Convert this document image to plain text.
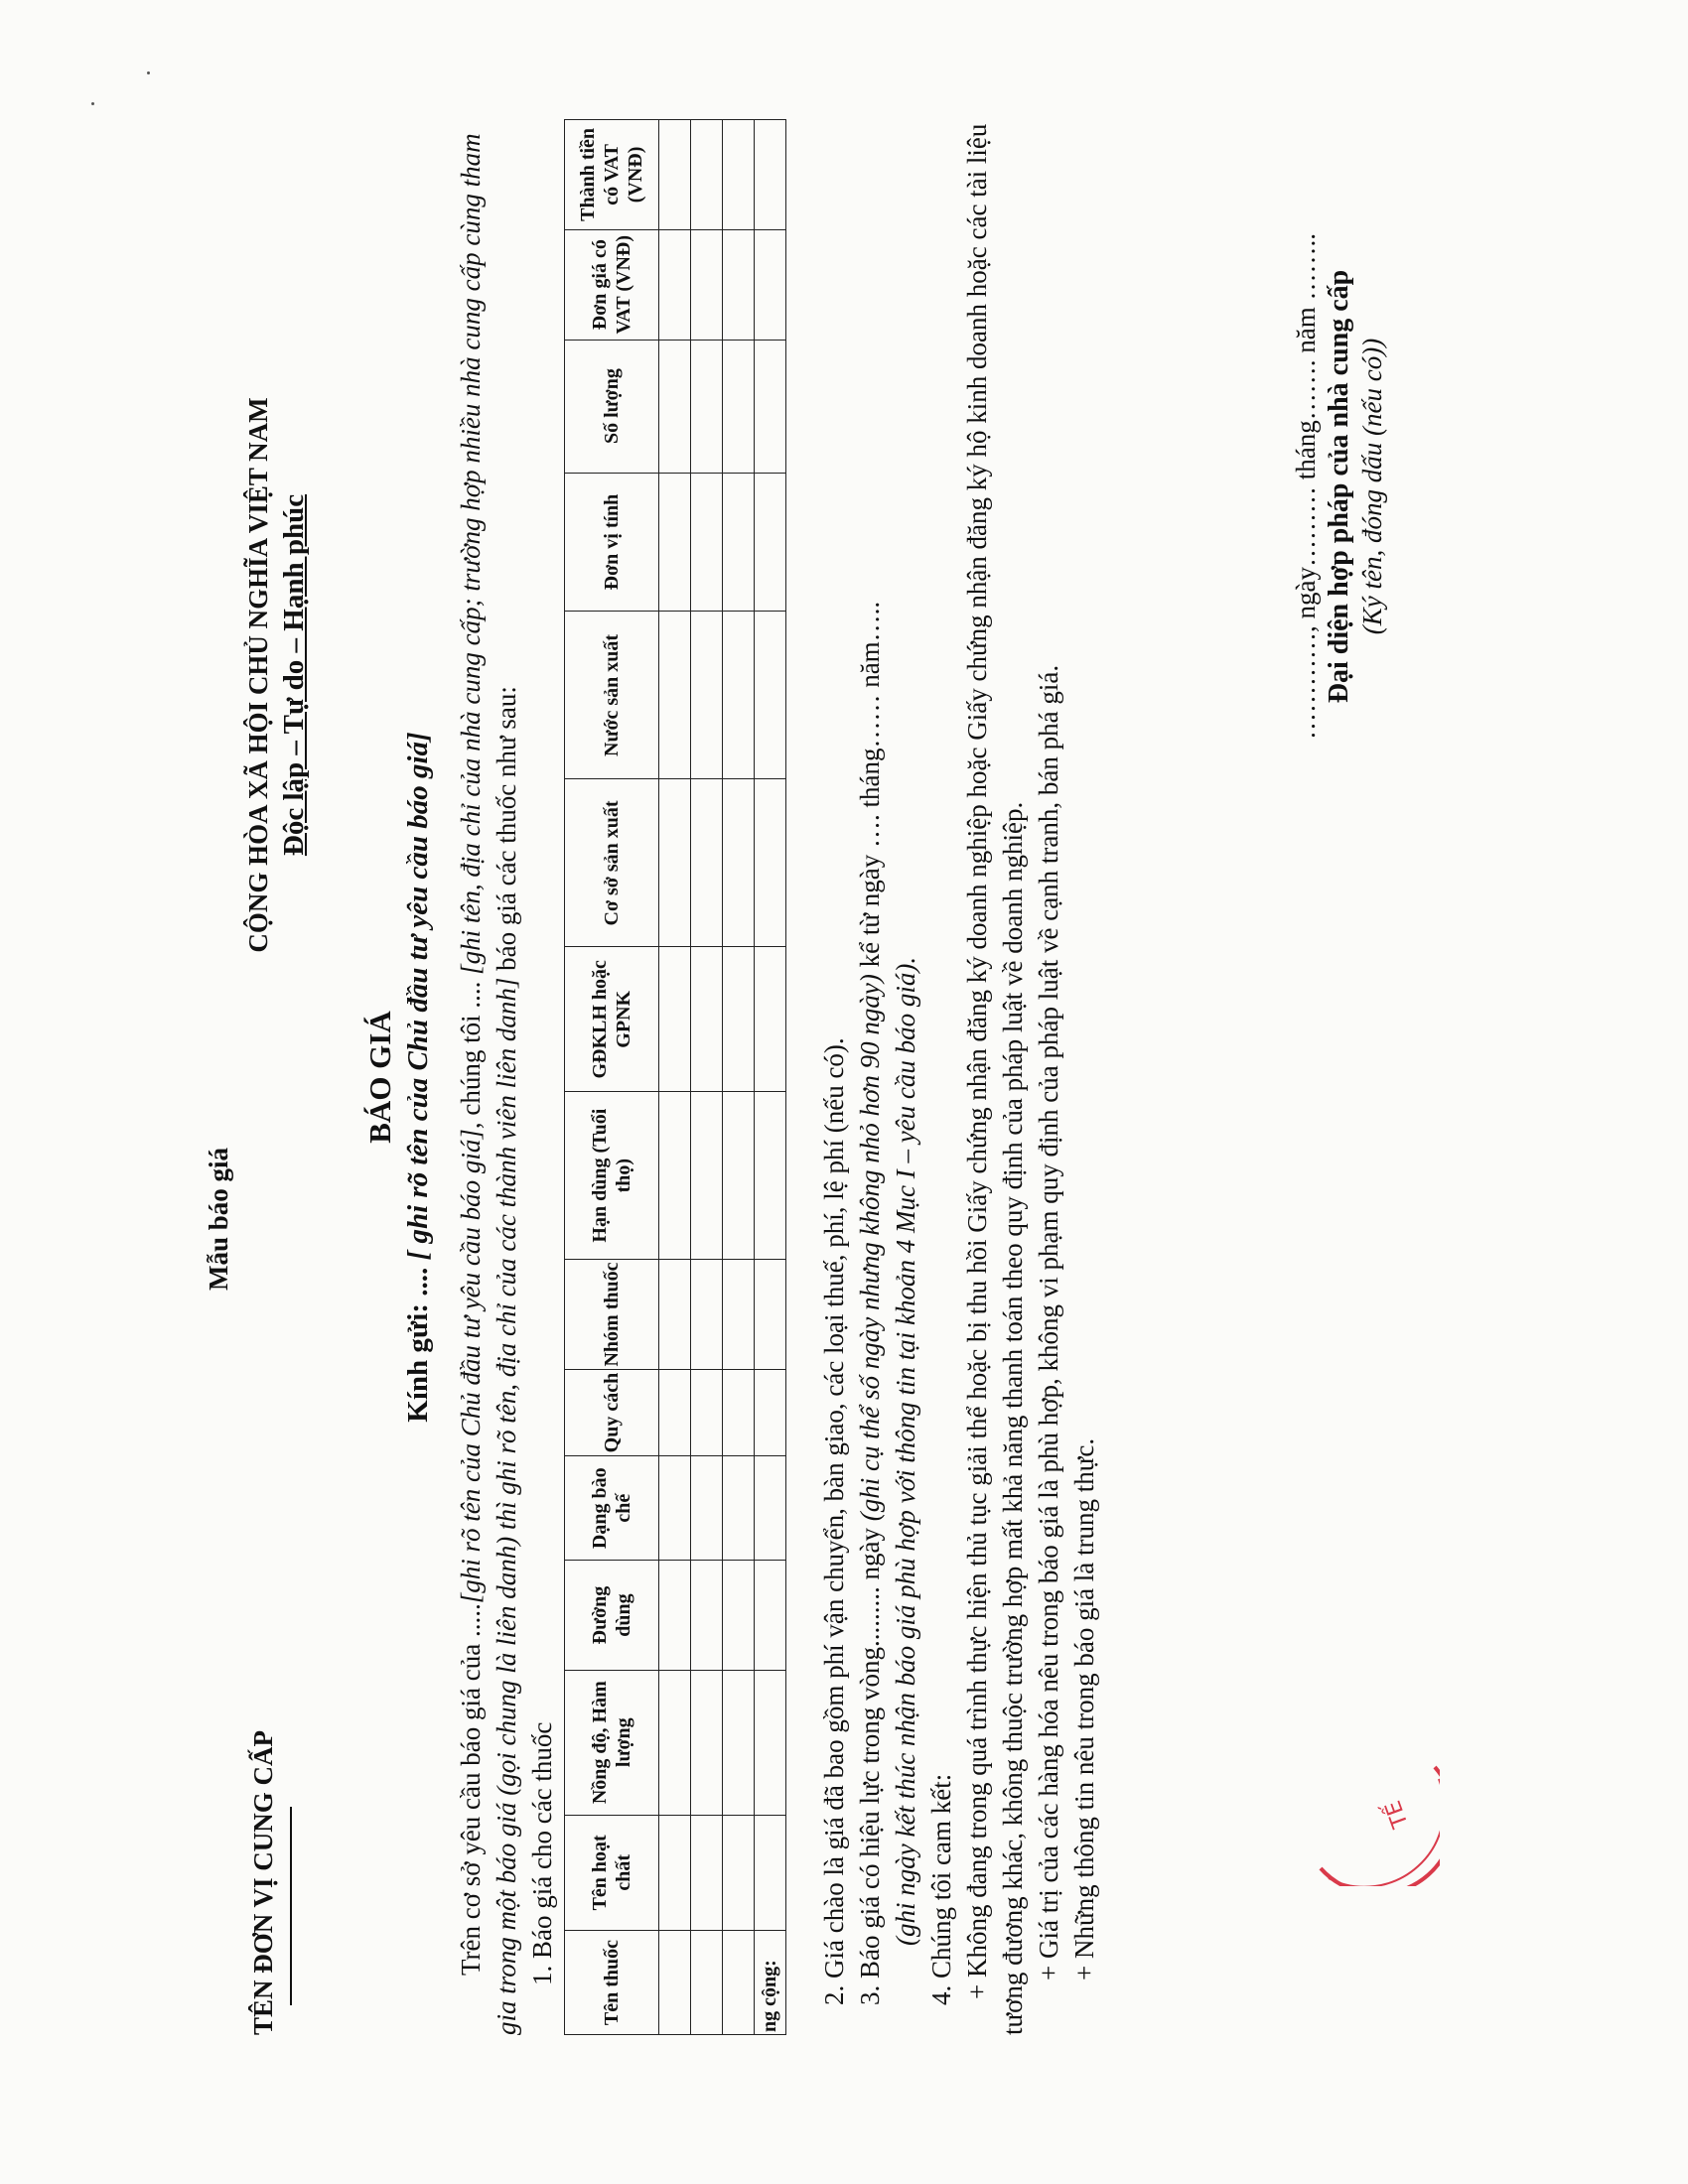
TÊN ĐƠN VỊ CUNG CẤP
Mẫu báo giá
CỘNG HÒA XÃ HỘI CHỦ NGHĨA VIỆT NAM Độc lập – Tự do – Hạnh phúc
BÁO GIÁ
Kính gửi: .... [ ghi rõ tên của Chủ đầu tư yêu cầu báo giá]
Trên cơ sở yêu cầu báo giá của .....[ghi rõ tên của Chủ đầu tư yêu cầu báo giá], chúng tôi .... [ghi tên, địa chỉ của nhà cung cấp; trường hợp nhiều nhà cung cấp cùng tham gia trong một báo giá (gọi chung là liên danh) thì ghi rõ tên, địa chỉ của các thành viên liên danh] báo giá các thuốc như sau:
1. Báo giá cho các thuốc Tên thuốc	Tên hoạt chất	Nồng độ, Hàm lượng	Đường dùng	Dạng bào chế	Quy cách	Nhóm thuốc	Hạn dùng (Tuổi thọ)	GĐKLH hoặc GPNK	Cơ sở sản xuất	Nước sản xuất	Đơn vị tính	Số lượng	Đơn giá có VAT (VNĐ)	Thành tiền có VAT (VNĐ)

ng cộng:														2. Giá chào là giá đã bao gồm phí vận chuyển, bàn giao, các loại thuế, phí, lệ phí (nếu có). 3. Báo giá có hiệu lực trong vòng......... ngày (ghi cụ thể số ngày nhưng không nhỏ hơn 90 ngày) kể từ ngày …. tháng…… năm…..
(ghi ngày kết thúc nhận báo giá phù hợp với thông tin tại khoản 4 Mục I – yêu cầu báo giá). 4. Chúng tôi cam kết: + Không đang trong quá trình thực hiện thủ tục giải thể hoặc bị thu hồi Giấy chứng nhận đăng ký doanh nghiệp hoặc Giấy chứng nhận đăng ký hộ kinh doanh hoặc các tài liệu tương đương khác, không thuộc trường hợp mất khả năng thanh toán theo quy định của pháp luật về doanh nghiệp. + Giá trị của các hàng hóa nêu trong báo giá là phù hợp, không vi phạm quy định của pháp luật về cạnh tranh, bán phá giá. + Những thông tin nêu trong báo giá là trung thực.
…………, ngày……… tháng……. năm …….. Đại diện hợp pháp của nhà cung cấp (Ký tên, đóng dấu (nếu có))
TẾ
